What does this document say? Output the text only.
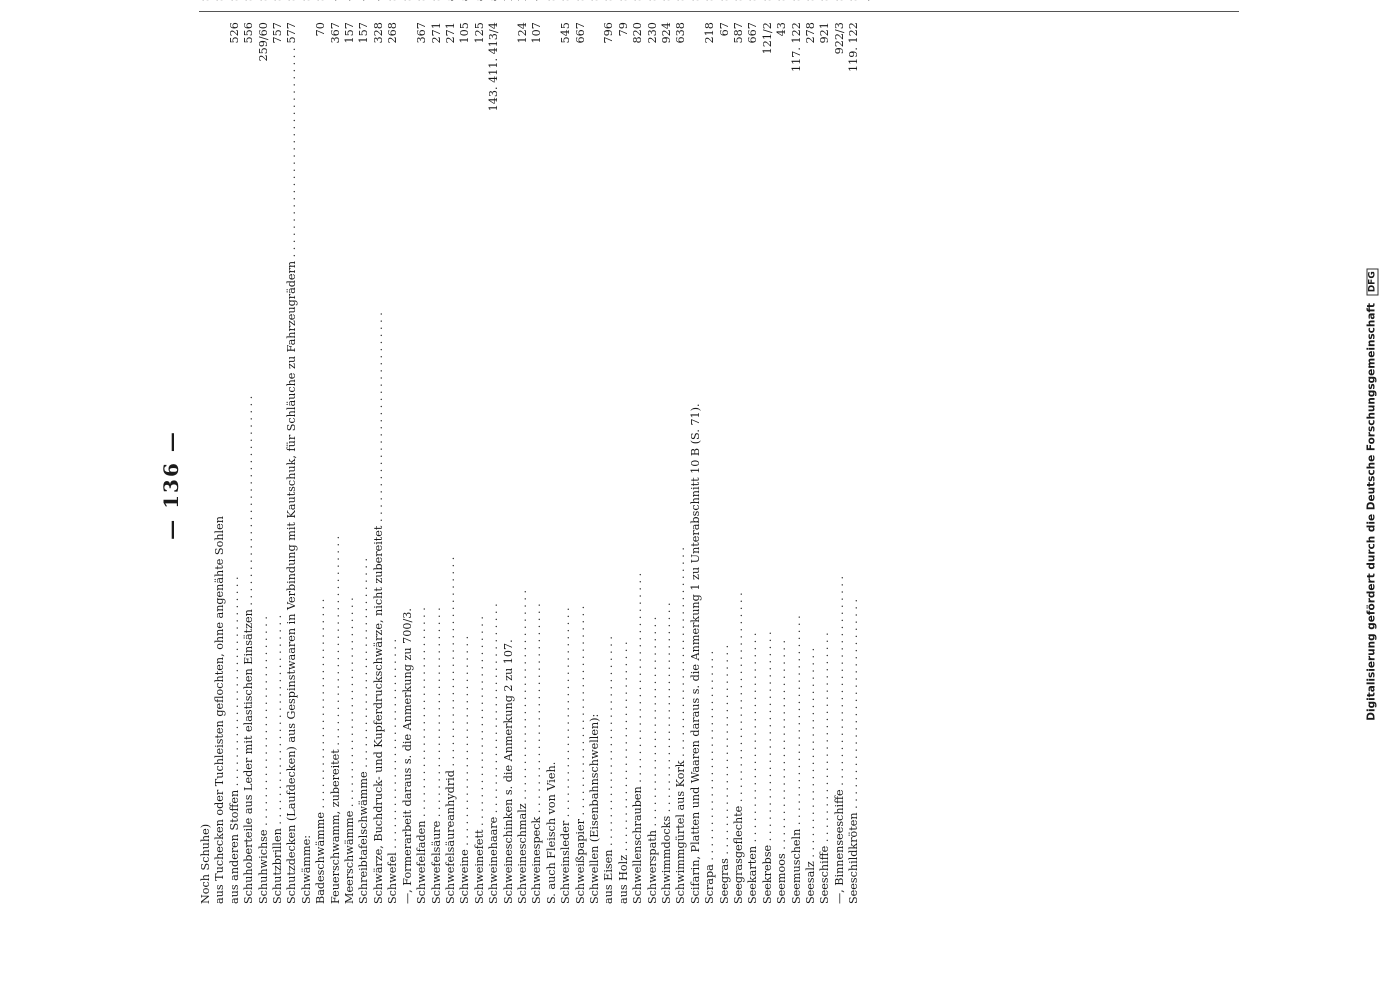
— 136 —
Noch Schuhe) aus Tuchecken oder Tuchleisten geflochten, ohne angenähte Sohlen aus anderen Stoffen . . .
526
Schuhoberteile aus Leder mit elastischen Einsätzen . . .
556
Schuhwichse . . .
259/60
Schutzbrillen . . .
757
Schutzdecken (Laufdecken) aus Gespinstwaaren in Verbindung mit Kautschuk, für Schläuche zu Fahrzeugrädern . . .
577
Schwämme: Badeschwämme . . .
70
Feuerschwamm, zubereitet . . .
367
Meerschwämme . . .
157
Schreibtafelschwämme . . .
157
Schwärze, Buchdruck- und Kupferdruckschwärze, nicht zubereitet . . .
328
Schwefel . . .
268
—, Formerarbeit daraus s. die Anmerkung zu 700/3. Schwefelfaden . . .
367
Schwefelsäure . . .
271
Schwefelsäureanhydrid . . .
271
Schweine . . .
105
Schweinefett . . .
125
Schweinehaare . . .
143. 411. 413/4
Schweineschinken s. die Anmerkung 2 zu 107. Schweineschmalz . . .
124
Schweinespeck . . .
107
S. auch Fleisch von Vieh. Schweinsleder . . .
545
Schweißpapier . . .
667
Schwellen (Eisenbahnschwellen): aus Eisen . . .
796
aus Holz . . .
79
Schwellenschrauben . . .
820
Schwerspath . . .
230
Schwimmdocks . . .
924
Schwimmgürtel aus Kork . . .
638
Scifarin, Platten und Waaren daraus s. die Anmerkung 1 zu Unterabschnitt 10 B (S. 71). Scrapa . . .
218
Seegras . . .
67
Seegrasgeflechte . . .
587
Seekarten . . .
667
Seekrebse . . .
121/2
Seemoos . . .
43
Seemuscheln . . .
117. 122
Seesalz . . .
278
Seeschiffe . . .
921
—, Binnenseeschiffe . . .
922/3
Seeschildkröten . . .
119. 122
. . .
. . .
. . .
. . .
. . .
. . .
. . .
. . .
. . .
. . .
. . .
. . .
. . .
. . .
. . .
. . .
. . .
. . .
. . .
. . .
. . .
. . .
. . .
. . .
. . .
. . .
. . .
. . .
. . .
. . .
. . .
. . .
. . .
. . .
. . .
. . .
. . .
. . .
. . .
. . .
. . .
. . .
. . .
Digitalisierung gefördert durch die Deutsche Forschungsgemeinschaft DFG
